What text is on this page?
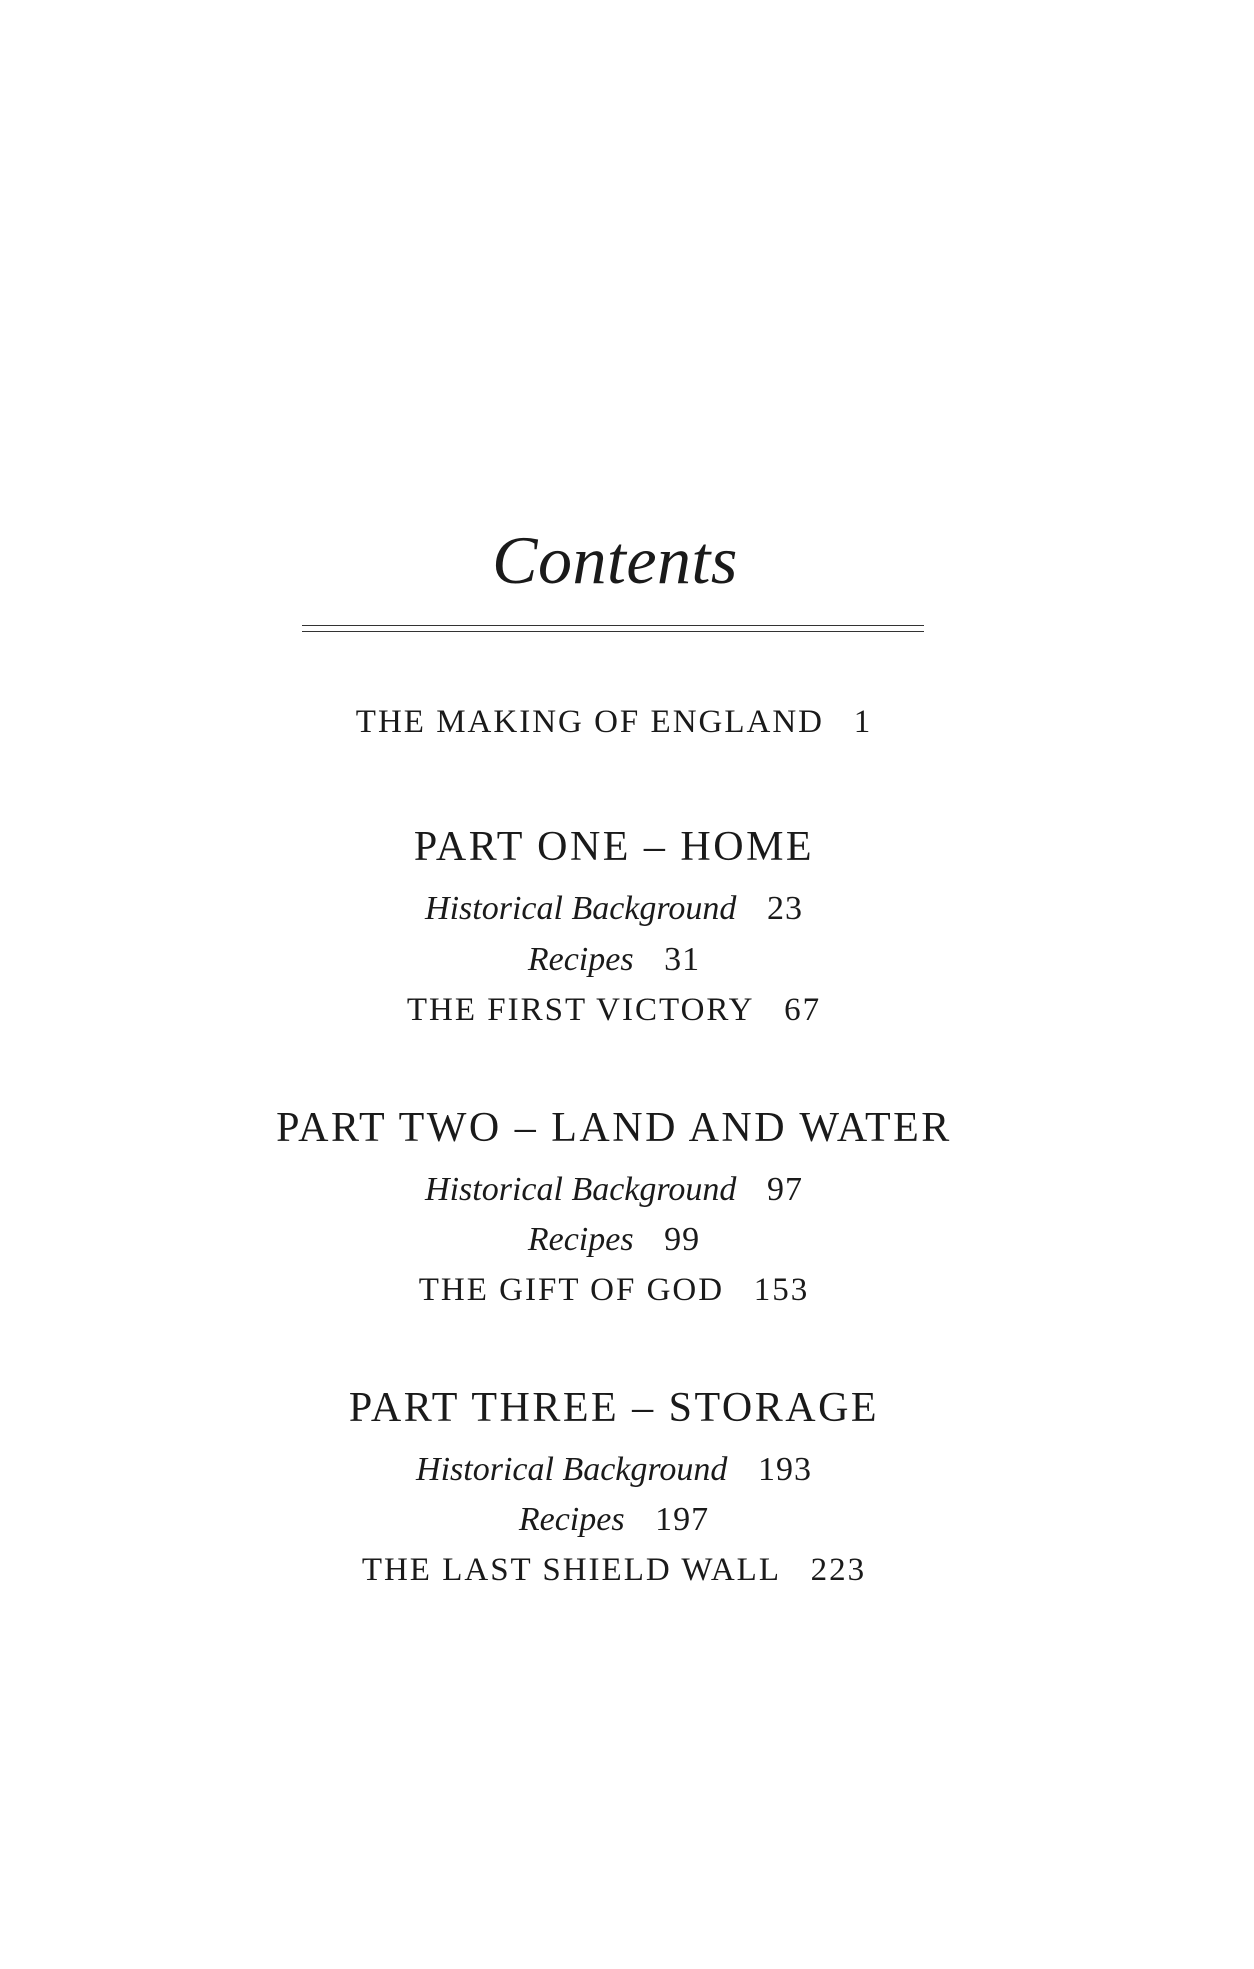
Contents
THE MAKING OF ENGLAND 1
PART ONE – HOME
Historical Background 23
Recipes 31
THE FIRST VICTORY 67
PART TWO – LAND AND WATER
Historical Background 97
Recipes 99
THE GIFT OF GOD 153
PART THREE – STORAGE
Historical Background 193
Recipes 197
THE LAST SHIELD WALL 223
